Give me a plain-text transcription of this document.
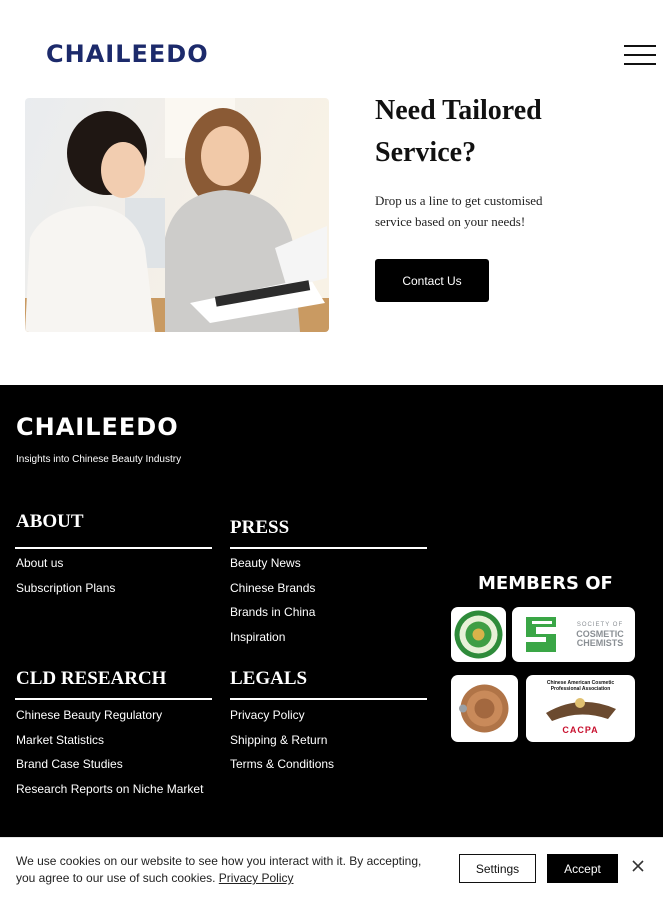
CHAILEEDO
Need Tailored
Service?
Drop us a line to get customised service based on your needs!
Contact Us
CHAILEEDO
Insights into Chinese Beauty Industry
ABOUT
About us
Subscription Plans
PRESS
Beauty News
Chinese Brands
Brands in China
Inspiration
CLD RESEARCH
Chinese Beauty Regulatory
Market Statistics
Brand Case Studies
Research Reports on Niche Market
LEGALS
Privacy Policy
Shipping & Return
Terms & Conditions
MEMBERS OF
SOCIETY OF
COSMETIC
CHEMISTS
Chinese American Cosmetic
Professional Association
CACPA
We use cookies on our website to see how you interact with it. By accepting, you agree to our use of such cookies. Privacy Policy
Settings	Accept
